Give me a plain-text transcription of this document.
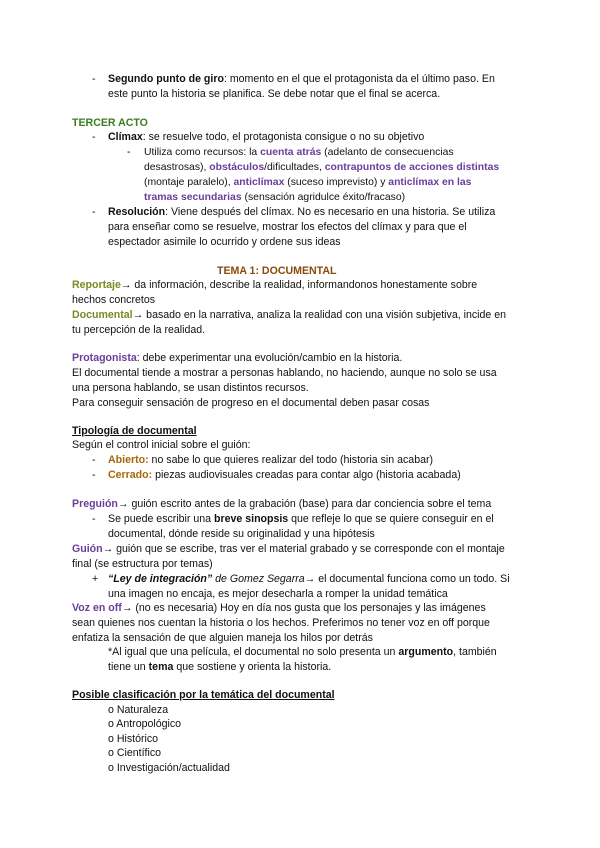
- Segundo punto de giro: momento en el que el protagonista da el último paso. En
este punto la historia se planifica. Se debe notar que el final se acerca.
TERCER ACTO
- Clímax: se resuelve todo, el protagonista consigue o no su objetivo
- Utiliza como recursos: la cuenta atrás (adelanto de consecuencias
desastrosas), obstáculos/dificultades, contrapuntos de acciones distintas
(montaje paralelo), anticlímax (suceso imprevisto) y anticlímax en las
tramas secundarias (sensación agridulce éxito/fracaso)
- Resolución: Viene después del clímax. No es necesario en una historia. Se utiliza
para enseñar como se resuelve, mostrar los efectos del clímax y para que el
espectador asimile lo ocurrido y ordene sus ideas
TEMA 1: DOCUMENTAL
Reportaje→ da información, describe la realidad, informandonos honestamente sobre
hechos concretos
Documental→ basado en la narrativa, analiza la realidad con una visión subjetiva, incide en
tu percepción de la realidad.
Protagonista: debe experimentar una evolución/cambio en la historia.
El documental tiende a mostrar a personas hablando, no haciendo, aunque no solo se usa
una persona hablando, se usan distintos recursos.
Para conseguir sensación de progreso en el documental deben pasar cosas
Tipología de documental
Según el control inicial sobre el guión:
- Abierto: no sabe lo que quieres realizar del todo (historia sin acabar)
- Cerrado: piezas audiovisuales creadas para contar algo (historia acabada)
Preguión→ guión escrito antes de la grabación (base) para dar conciencia sobre el tema
- Se puede escribir una breve sinopsis que refleje lo que se quiere conseguir en el
documental, dónde reside su originalidad y una hipótesis
Guión→ guión que se escribe, tras ver el material grabado y se corresponde con el montaje
final (se estructura por temas)
+ “Ley de integración” de Gomez Segarra→ el documental funciona como un todo. Si
una imagen no encaja, es mejor desecharla a romper la unidad temática
Voz en off→ (no es necesaria) Hoy en día nos gusta que los personajes y las imágenes
sean quienes nos cuentan la historia o los hechos. Preferimos no tener voz en off porque
enfatiza la sensación de que alguien maneja los hilos por detrás
*Al igual que una película, el documental no solo presenta un argumento, también
tiene un tema que sostiene y orienta la historia.
Posible clasificación por la temática del documental
o Naturaleza
o Antropológico
o Histórico
o Científico
o Investigación/actualidad
